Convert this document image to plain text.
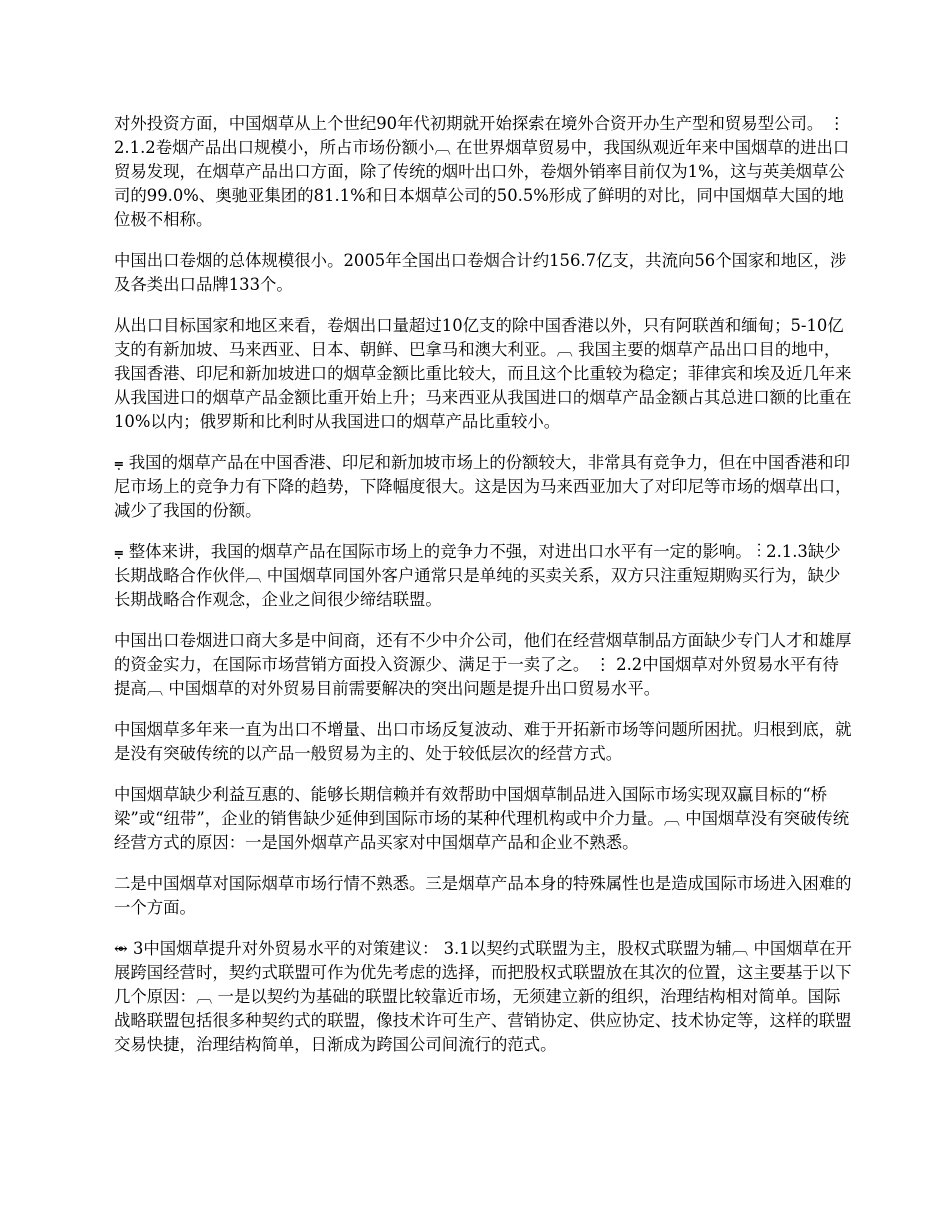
对外投资方面，中国烟草从上个世纪90年代初期就开始探索在境外合资开办生产型和贸易型公司。 ⋮ 2.1.2卷烟产品出口规模小，所占市场份额小︹ 在世界烟草贸易中，我国纵观近年来中国烟草的进出口贸易发现，在烟草产品出口方面，除了传统的烟叶出口外，卷烟外销率目前仅为1%，这与英美烟草公司的99.0%、奥驰亚集团的81.1%和日本烟草公司的50.5%形成了鲜明的对比，同中国烟草大国的地位极不相称。

中国出口卷烟的总体规模很小。2005年全国出口卷烟合计约156.7亿支，共流向56个国家和地区，涉及各类出口品牌133个。

从出口目标国家和地区来看，卷烟出口量超过10亿支的除中国香港以外，只有阿联酋和缅甸；5-10亿支的有新加坡、马来西亚、日本、朝鲜、巴拿马和澳大利亚。︹ 我国主要的烟草产品出口目的地中，我国香港、印尼和新加坡进口的烟草金额比重比较大，而且这个比重较为稳定；菲律宾和埃及近几年来从我国进口的烟草产品金额比重开始上升；马来西亚从我国进口的烟草产品金额占其总进口额的比重在10%以内；俄罗斯和比利时从我国进口的烟草产品比重较小。

⩦ 我国的烟草产品在中国香港、印尼和新加坡市场上的份额较大，非常具有竞争力，但在中国香港和印尼市场上的竞争力有下降的趋势，下降幅度很大。这是因为马来西亚加大了对印尼等市场的烟草出口，减少了我国的份额。

⩦ 整体来讲，我国的烟草产品在国际市场上的竞争力不强，对进出口水平有一定的影响。 ⋮ 2.1.3缺少长期战略合作伙伴︹ 中国烟草同国外客户通常只是单纯的买卖关系，双方只注重短期购买行为，缺少长期战略合作观念，企业之间很少缔结联盟。

中国出口卷烟进口商大多是中间商，还有不少中介公司，他们在经营烟草制品方面缺少专门人才和雄厚的资金实力，在国际市场营销方面投入资源少、满足于一卖了之。 ⋮ 2.2中国烟草对外贸易水平有待提高︹ 中国烟草的对外贸易目前需要解决的突出问题是提升出口贸易水平。

中国烟草多年来一直为出口不增量、出口市场反复波动、难于开拓新市场等问题所困扰。归根到底，就是没有突破传统的以产品一般贸易为主的、处于较低层次的经营方式。

中国烟草缺少利益互惠的、能够长期信赖并有效帮助中国烟草制品进入国际市场实现双赢目标的“桥梁”或“纽带”，企业的销售缺少延伸到国际市场的某种代理机构或中介力量。︹ 中国烟草没有突破传统经营方式的原因：一是国外烟草产品买家对中国烟草产品和企业不熟悉。

二是中国烟草对国际烟草市场行情不熟悉。三是烟草产品本身的特殊属性也是造成国际市场进入困难的一个方面。

⥈ 3中国烟草提升对外贸易水平的对策建议： 3.1以契约式联盟为主，股权式联盟为辅︹ 中国烟草在开展跨国经营时，契约式联盟可作为优先考虑的选择，而把股权式联盟放在其次的位置，这主要基于以下几个原因：︹ 一是以契约为基础的联盟比较靠近市场，无须建立新的组织，治理结构相对简单。国际战略联盟包括很多种契约式的联盟，像技术许可生产、营销协定、供应协定、技术协定等，这样的联盟交易快捷，治理结构简单，日渐成为跨国公司间流行的范式。
